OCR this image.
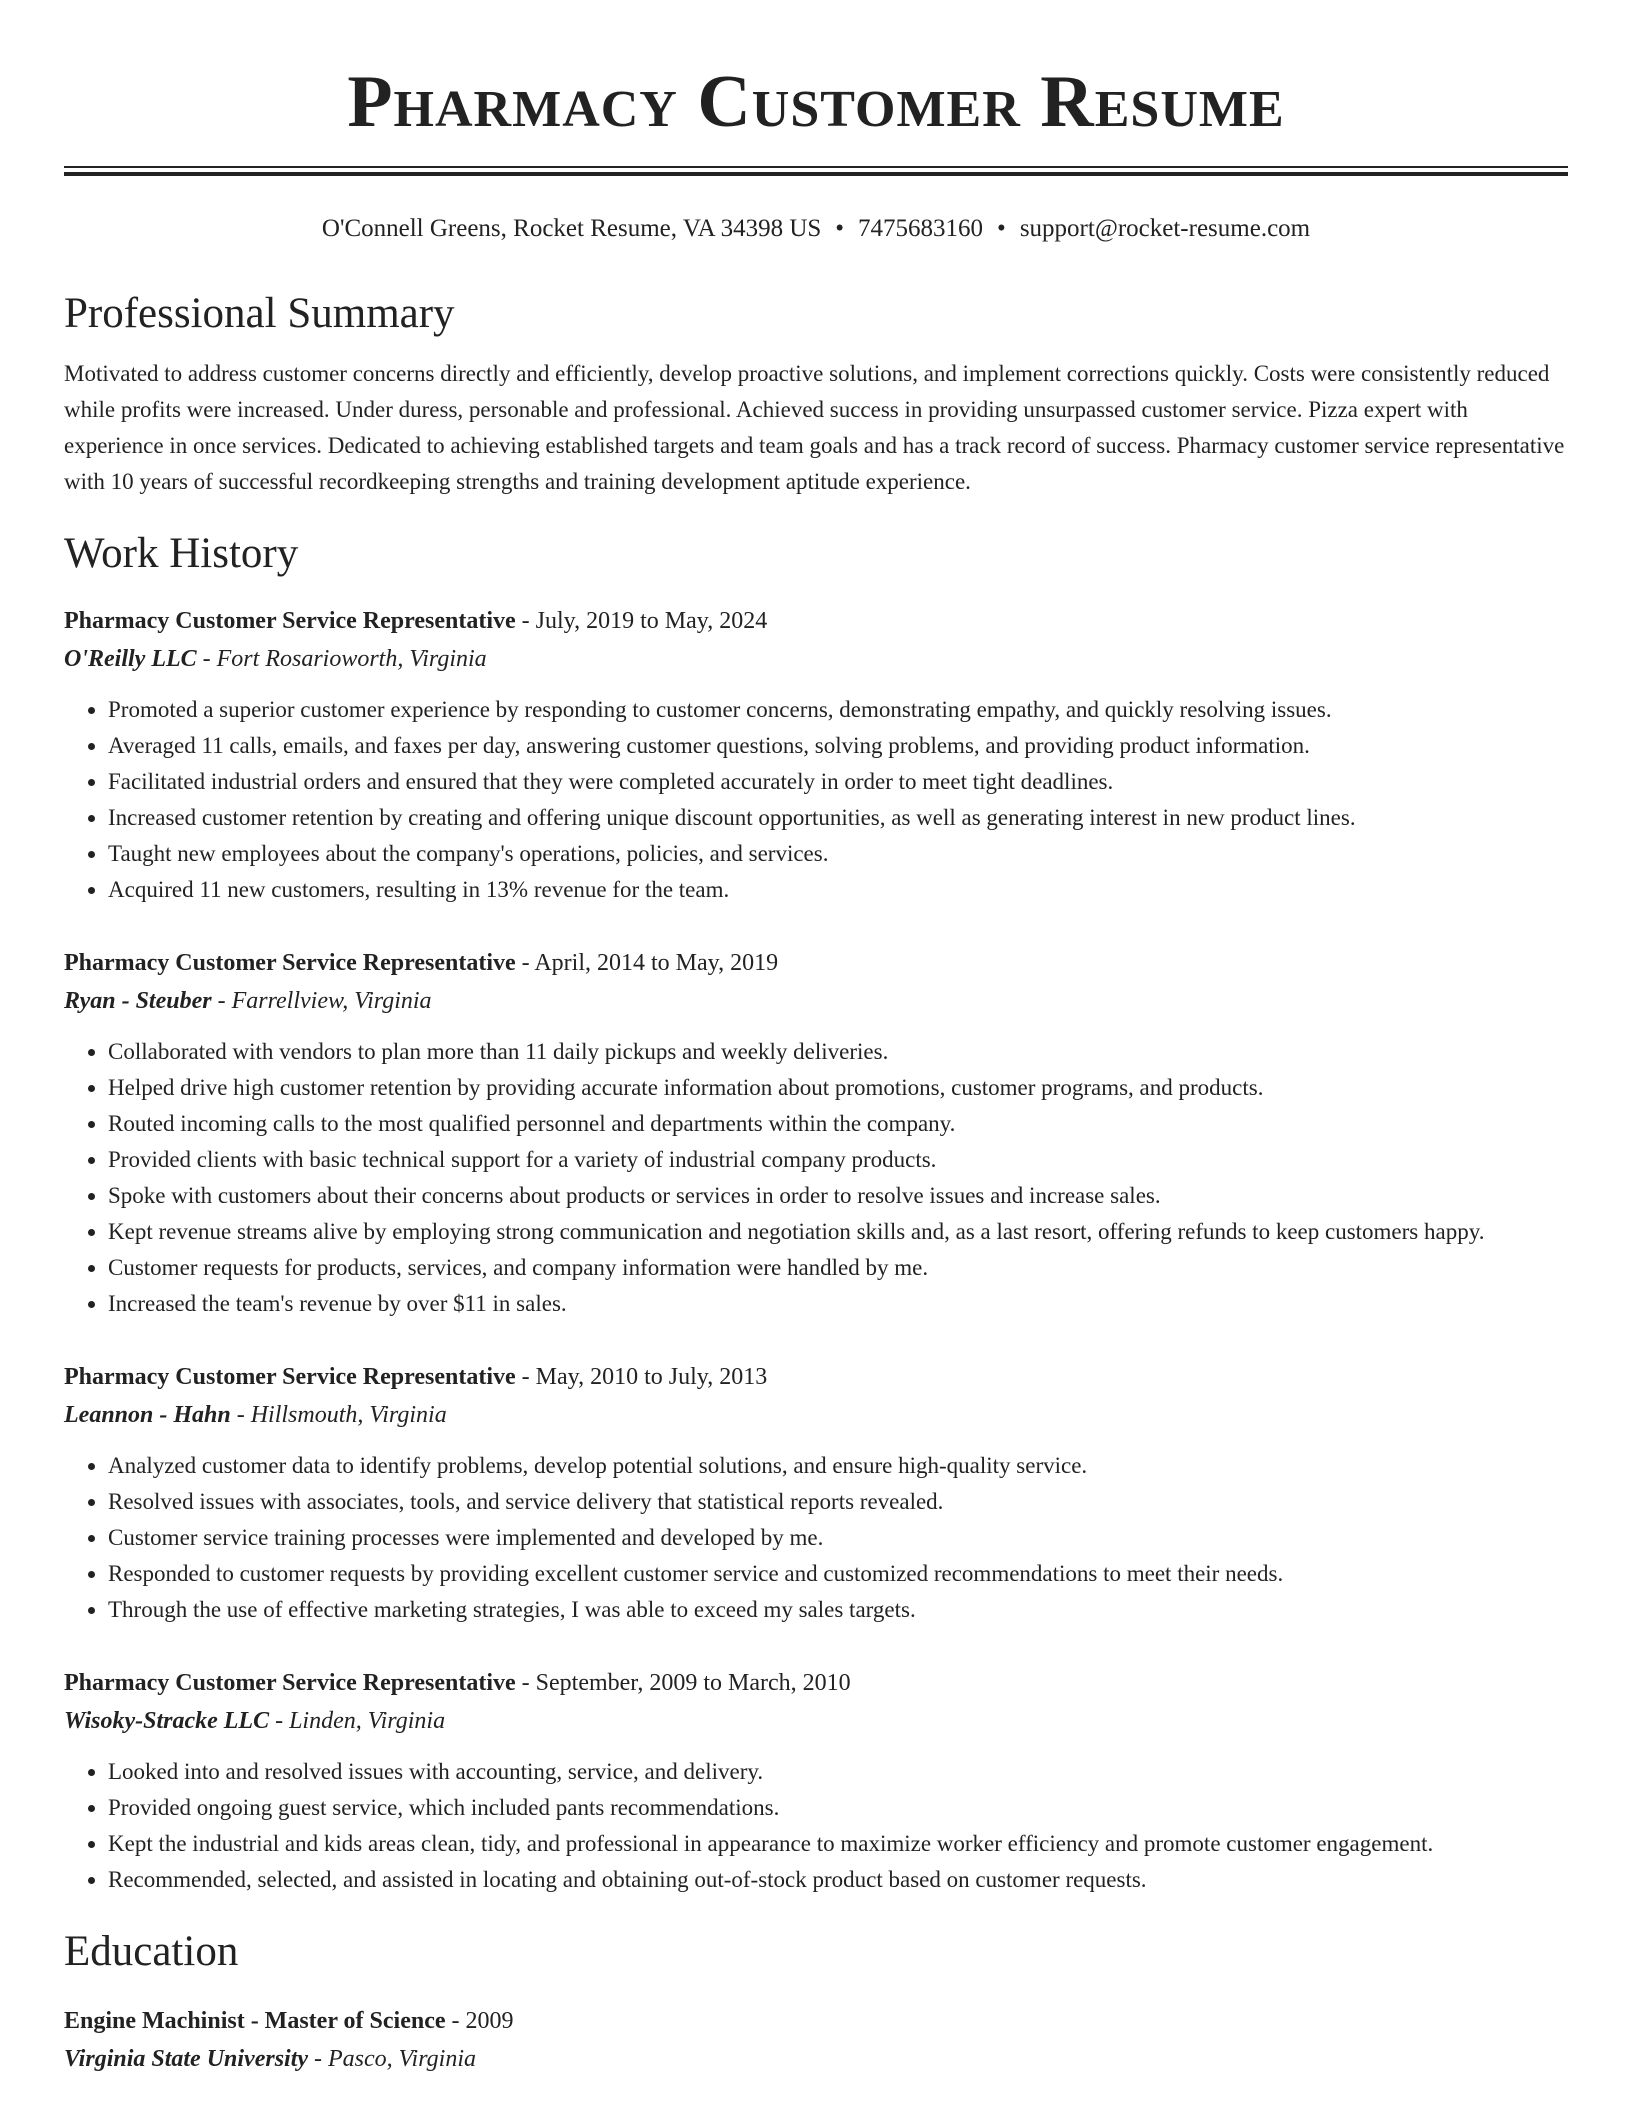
Pharmacy Customer Resume
O'Connell Greens, Rocket Resume, VA 34398 US • 7475683160 • support@rocket-resume.com
Professional Summary

Motivated to address customer concerns directly and efficiently, develop proactive solutions, and implement corrections quickly. Costs were consistently reduced while profits were increased. Under duress, personable and professional. Achieved success in providing unsurpassed customer service. Pizza expert with experience in once services. Dedicated to achieving established targets and team goals and has a track record of success. Pharmacy customer service representative with 10 years of successful recordkeeping strengths and training development aptitude experience.

Work History
Pharmacy Customer Service Representative - July, 2019 to May, 2024
O'Reilly LLC - Fort Rosarioworth, Virginia
• Promoted a superior customer experience by responding to customer concerns, demonstrating empathy, and quickly resolving issues.
• Averaged 11 calls, emails, and faxes per day, answering customer questions, solving problems, and providing product information.
• Facilitated industrial orders and ensured that they were completed accurately in order to meet tight deadlines.
• Increased customer retention by creating and offering unique discount opportunities, as well as generating interest in new product lines.
• Taught new employees about the company's operations, policies, and services.
• Acquired 11 new customers, resulting in 13% revenue for the team.
Pharmacy Customer Service Representative - April, 2014 to May, 2019
Ryan - Steuber - Farrellview, Virginia
• Collaborated with vendors to plan more than 11 daily pickups and weekly deliveries.
• Helped drive high customer retention by providing accurate information about promotions, customer programs, and products.
• Routed incoming calls to the most qualified personnel and departments within the company.
• Provided clients with basic technical support for a variety of industrial company products.
• Spoke with customers about their concerns about products or services in order to resolve issues and increase sales.
• Kept revenue streams alive by employing strong communication and negotiation skills and, as a last resort, offering refunds to keep customers happy.
• Customer requests for products, services, and company information were handled by me.
• Increased the team's revenue by over $11 in sales.
Pharmacy Customer Service Representative - May, 2010 to July, 2013
Leannon - Hahn - Hillsmouth, Virginia
• Analyzed customer data to identify problems, develop potential solutions, and ensure high-quality service.
• Resolved issues with associates, tools, and service delivery that statistical reports revealed.
• Customer service training processes were implemented and developed by me.
• Responded to customer requests by providing excellent customer service and customized recommendations to meet their needs.
• Through the use of effective marketing strategies, I was able to exceed my sales targets.
Pharmacy Customer Service Representative - September, 2009 to March, 2010
Wisoky-Stracke LLC - Linden, Virginia
• Looked into and resolved issues with accounting, service, and delivery.
• Provided ongoing guest service, which included pants recommendations.
• Kept the industrial and kids areas clean, tidy, and professional in appearance to maximize worker efficiency and promote customer engagement.
• Recommended, selected, and assisted in locating and obtaining out-of-stock product based on customer requests.
Education
Engine Machinist - Master of Science - 2009
Virginia State University - Pasco, Virginia
